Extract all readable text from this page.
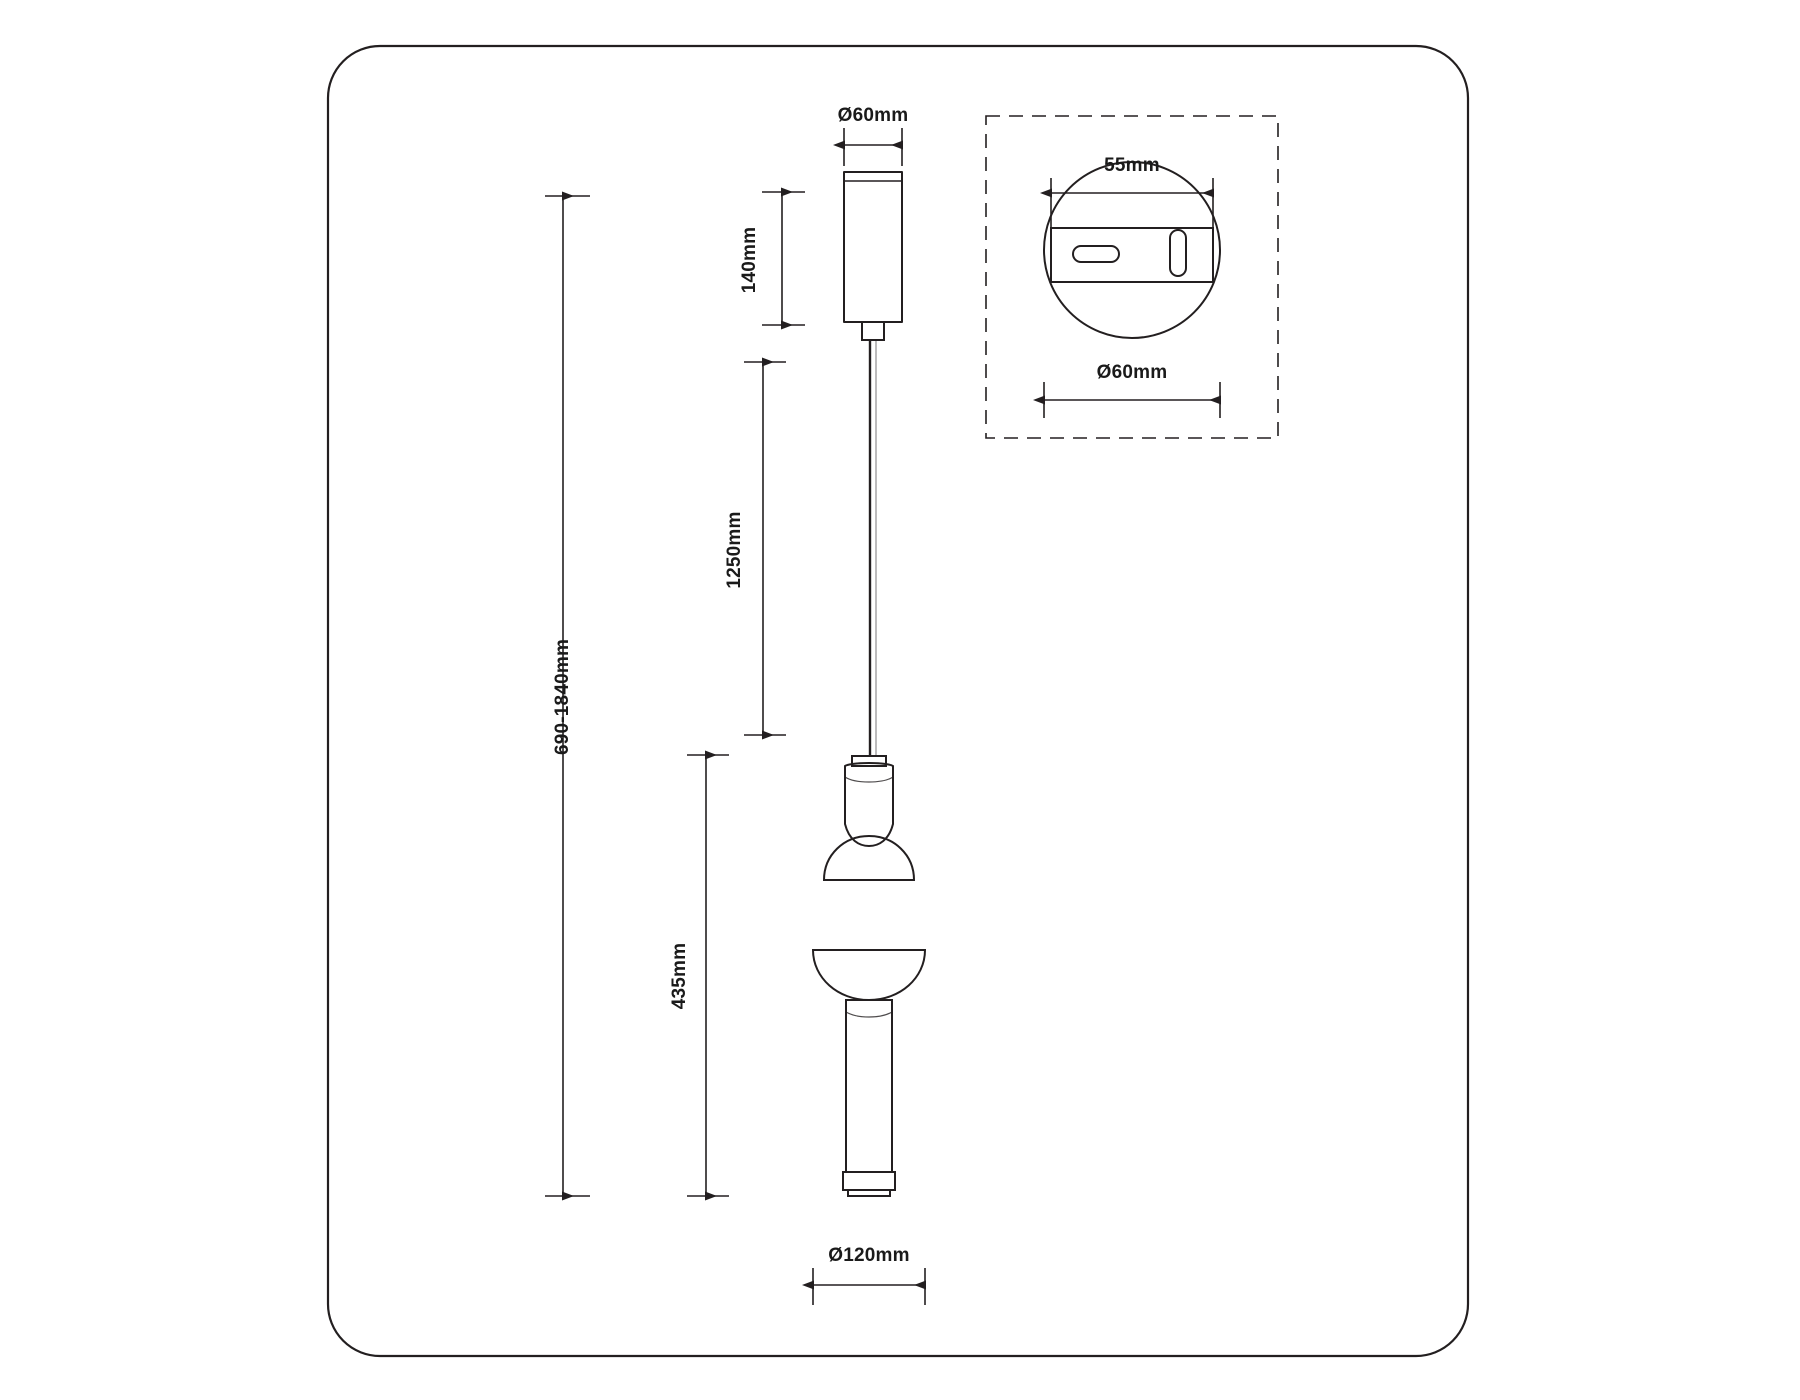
690-1840mm
140mm
1250mm
435mm
Ø60mm
Ø120mm
55mm
Ø60mm
